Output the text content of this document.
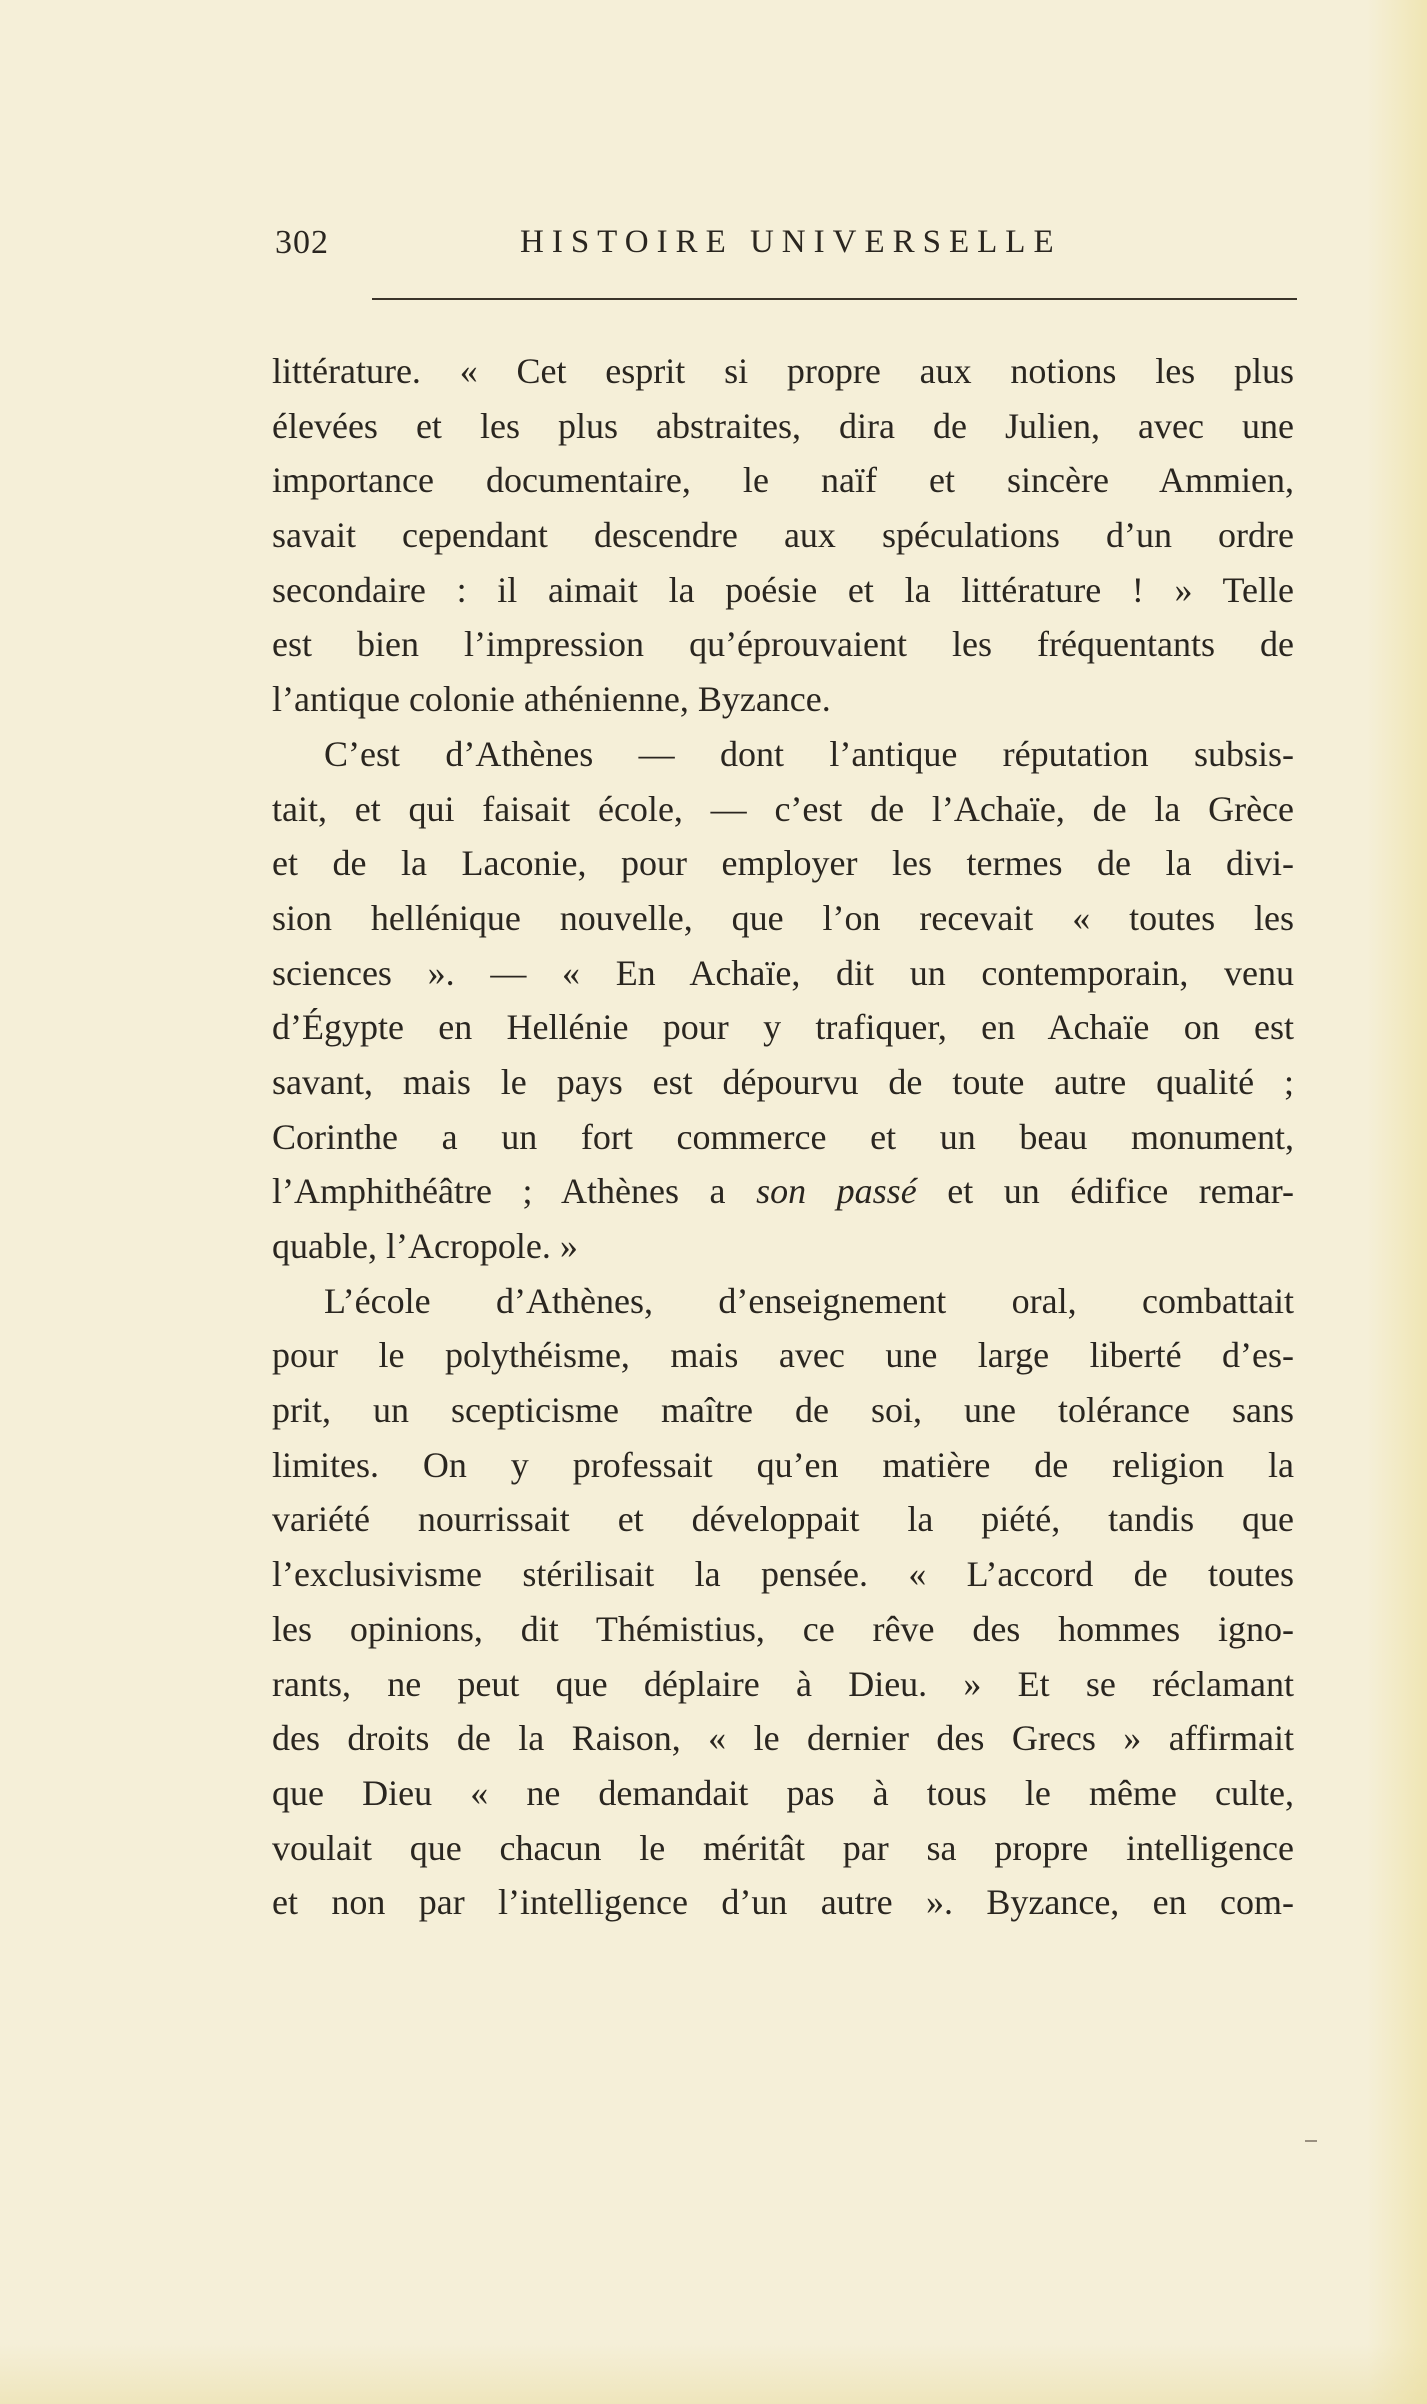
302	HISTOIRE UNIVERSELLE
littérature. « Cet esprit si propre aux notions les plus
élevées et les plus abstraites, dira de Julien, avec une
importance documentaire, le naïf et sincère Ammien,
savait cependant descendre aux spéculations d’un ordre
secondaire : il aimait la poésie et la littérature ! » Telle
est bien l’impression qu’éprouvaient les fréquentants de
l’antique colonie athénienne, Byzance.
C’est d’Athènes — dont l’antique réputation subsis-
tait, et qui faisait école, — c’est de l’Achaïe, de la Grèce
et de la Laconie, pour employer les termes de la divi-
sion hellénique nouvelle, que l’on recevait « toutes les
sciences ». — « En Achaïe, dit un contemporain, venu
d’Égypte en Hellénie pour y trafiquer, en Achaïe on est
savant, mais le pays est dépourvu de toute autre qualité ;
Corinthe a un fort commerce et un beau monument,
l’Amphithéâtre ; Athènes a son passé et un édifice remar-
quable, l’Acropole. »
L’école d’Athènes, d’enseignement oral, combattait
pour le polythéisme, mais avec une large liberté d’es-
prit, un scepticisme maître de soi, une tolérance sans
limites. On y professait qu’en matière de religion la
variété nourrissait et développait la piété, tandis que
l’exclusivisme stérilisait la pensée. « L’accord de toutes
les opinions, dit Thémistius, ce rêve des hommes igno-
rants, ne peut que déplaire à Dieu. » Et se réclamant
des droits de la Raison, « le dernier des Grecs » affirmait
que Dieu « ne demandait pas à tous le même culte,
voulait que chacun le méritât par sa propre intelligence
et non par l’intelligence d’un autre ». Byzance, en com-
